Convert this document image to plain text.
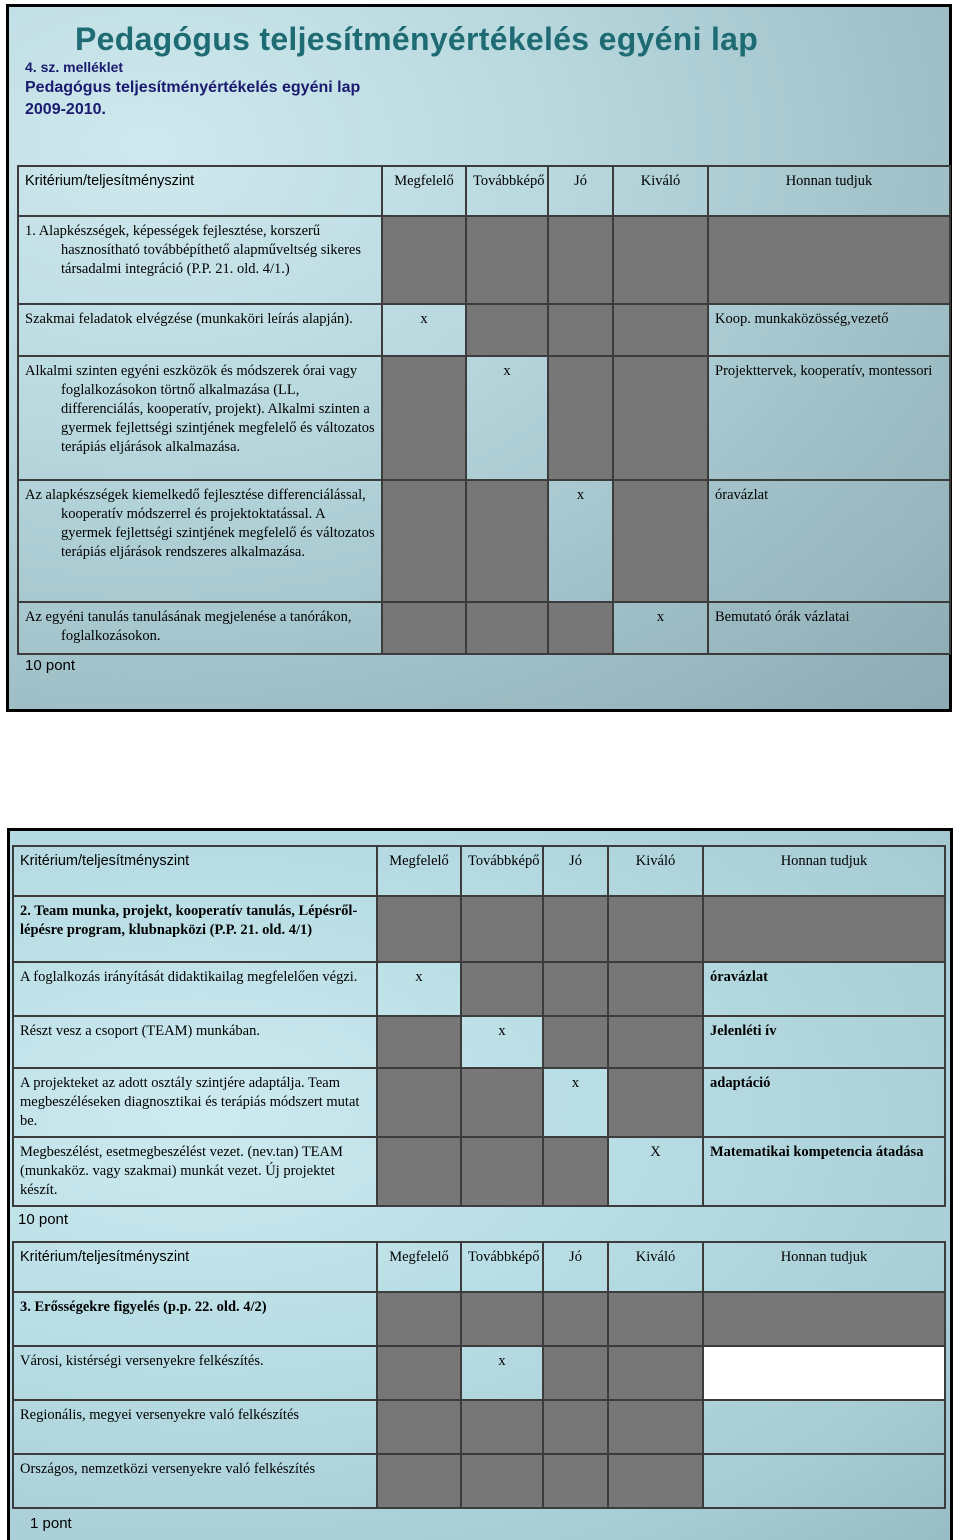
Pedagógus teljesítményértékelés egyéni lap
4. sz. melléklet
Pedagógus teljesítményértékelés egyéni lap
2009-2010.
Kritérium/teljesítményszint	Megfelelő	Továbbképő	Jó	Kiváló	Honnan tudjuk

1. Alapkészségek, képességek fejlesztése, korszerű hasznosítható továbbépíthető alapműveltség sikeres társadalmi integráció (P.P. 21. old. 4/1.)					

Szakmai feladatok elvégzése (munkaköri leírás alapján).	x				Koop. munkaközösség,vezető

Alkalmi szinten egyéni eszközök és módszerek órai vagy foglalkozásokon törtnő alkalmazása (LL, differenciálás, kooperatív, projekt). Alkalmi szinten a gyermek fejlettségi szintjének megfelelő és változatos terápiás eljárások alkalmazása.		x			Projekttervek, kooperatív, montessori

Az alapkészségek kiemelkedő fejlesztése differenciálással, kooperatív módszerrel és projektoktatással. A gyermek fejlettségi szintjének megfelelő és változatos terápiás eljárások rendszeres alkalmazása.			x		óravázlat

Az egyéni tanulás tanulásának megjelenése a tanórákon, foglalkozásokon.				x	Bemutató órák vázlatai
10 pont
Kritérium/teljesítményszint	Megfelelő	Továbbképő	Jó	Kiváló	Honnan tudjuk
2. Team munka, projekt, kooperatív tanulás, Lépésről- lépésre program, klubnapközi (P.P. 21. old. 4/1)					
A foglalkozás irányítását didaktikailag megfelelően végzi.	x				óravázlat
Részt vesz a csoport (TEAM) munkában.		x			Jelenléti ív
A projekteket az adott osztály szintjére adaptálja. Team megbeszéléseken diagnosztikai és terápiás módszert mutat be.			x		adaptáció
Megbeszélést, esetmegbeszélést vezet. (nev.tan) TEAM (munkaköz. vagy szakmai) munkát vezet. Új projektet készít.				X	Matematikai kompetencia átadása
10 pont
Kritérium/teljesítményszint	Megfelelő	Továbbképő	Jó	Kiváló	Honnan tudjuk
3. Erősségekre figyelés (p.p. 22. old. 4/2)					
Városi, kistérségi versenyekre felkészítés.		x			
Regionális, megyei versenyekre való felkészítés					
Országos, nemzetközi versenyekre való felkészítés					
1 pont
